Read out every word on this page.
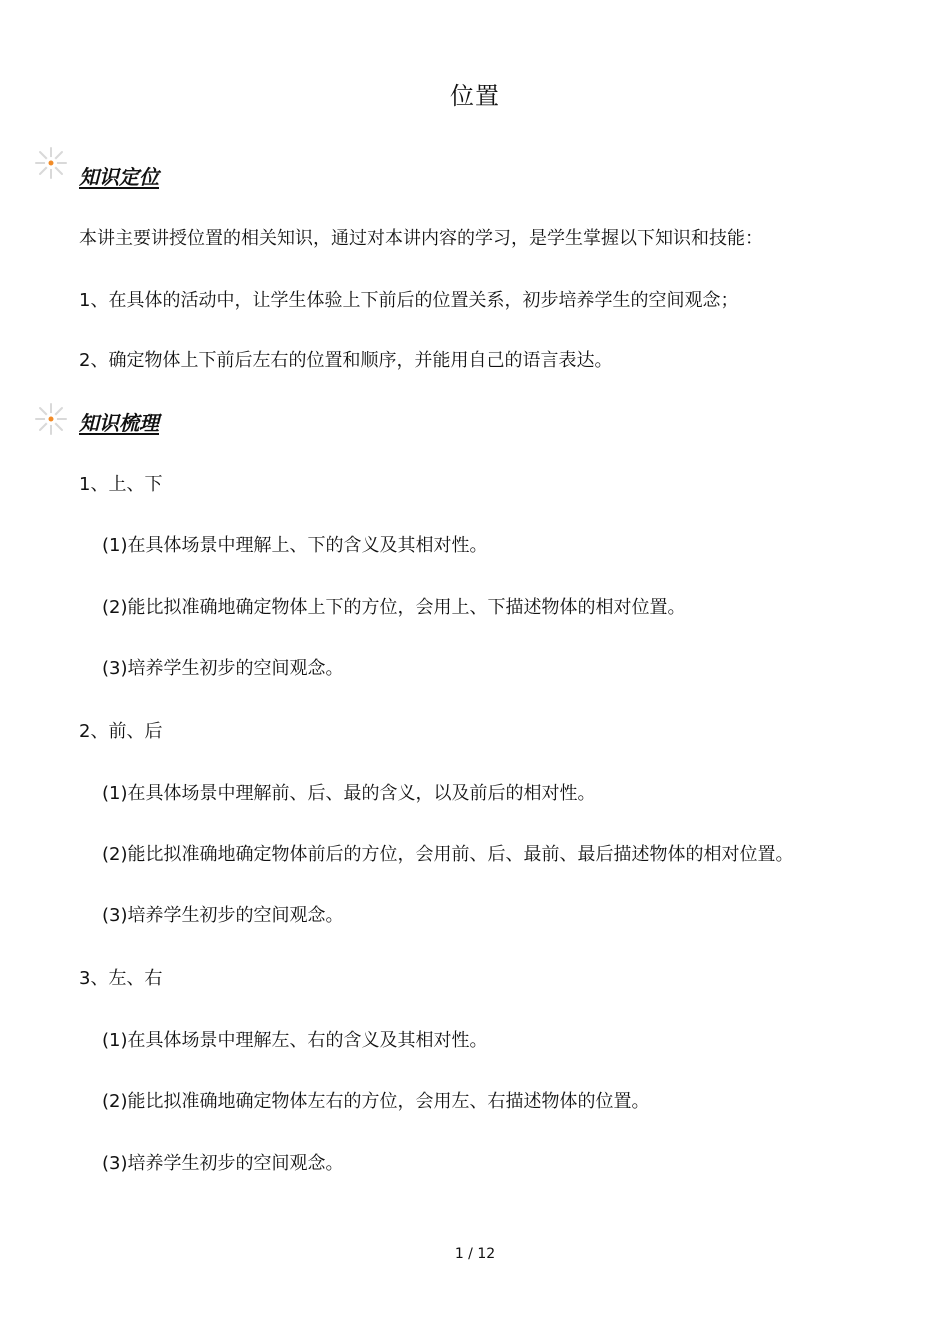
位置
知识定位
本讲主要讲授位置的相关知识，通过对本讲内容的学习，是学生掌握以下知识和技能：
1、在具体的活动中，让学生体验上下前后的位置关系，初步培养学生的空间观念；
2、确定物体上下前后左右的位置和顺序，并能用自己的语言表达。
知识梳理
1、上、下
(1)在具体场景中理解上、下的含义及其相对性。
(2)能比拟准确地确定物体上下的方位，会用上、下描述物体的相对位置。
(3)培养学生初步的空间观念。
2、前、后
(1)在具体场景中理解前、后、最的含义，以及前后的相对性。
(2)能比拟准确地确定物体前后的方位，会用前、后、最前、最后描述物体的相对位置。
(3)培养学生初步的空间观念。
3、左、右
(1)在具体场景中理解左、右的含义及其相对性。
(2)能比拟准确地确定物体左右的方位，会用左、右描述物体的位置。
(3)培养学生初步的空间观念。
1 / 12
